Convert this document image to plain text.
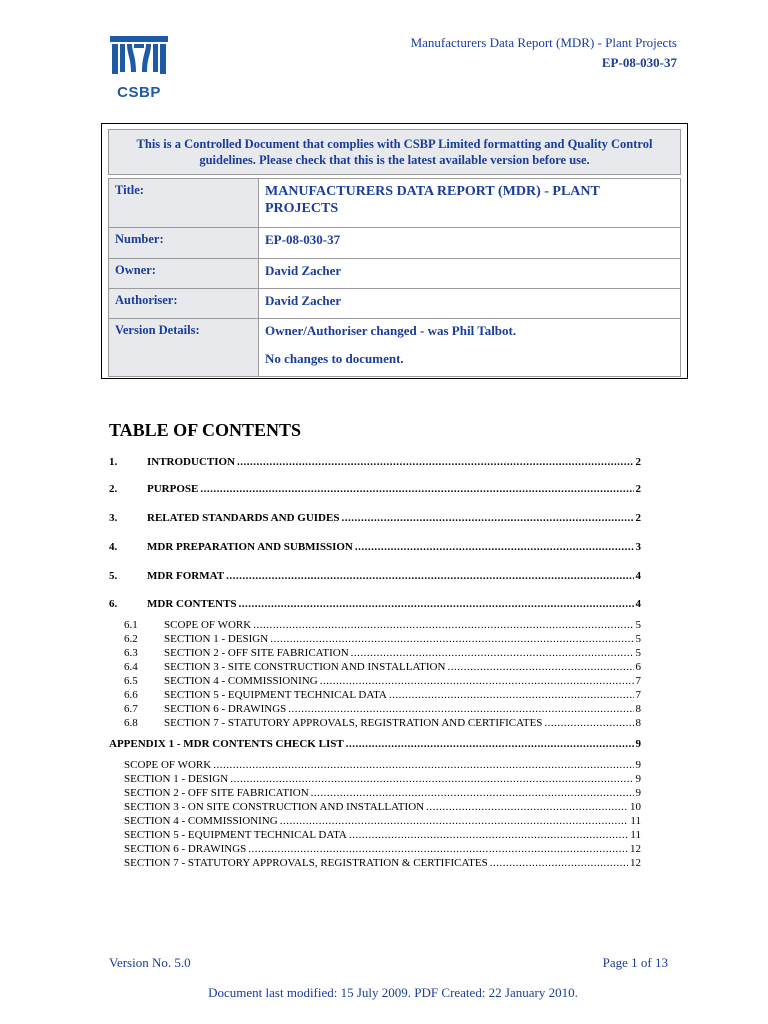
CSBP
Manufacturers Data Report (MDR) - Plant Projects
EP-08-030-37
This is a Controlled Document that complies with CSBP Limited formatting and Quality Control guidelines. Please check that this is the latest available version before use.
Title:	MANUFACTURERS DATA REPORT (MDR) - PLANT PROJECTS
Number:	EP-08-030-37
Owner:	David Zacher
Authoriser:	David Zacher
Version Details:	Owner/Authoriser changed - was Phil Talbot.

No changes to document.

TABLE OF CONTENTS
1.	INTRODUCTION .....	2
2.	PURPOSE .....	2
3.	RELATED STANDARDS AND GUIDES .....	2
4.	MDR PREPARATION AND SUBMISSION .....	3
5.	MDR FORMAT .....	4
6.	MDR CONTENTS .....	4
6.1	SCOPE OF WORK .....	5
6.2	SECTION 1 - DESIGN .....	5
6.3	SECTION 2 - OFF SITE FABRICATION .....	5
6.4	SECTION 3 - SITE CONSTRUCTION AND INSTALLATION .....	6
6.5	SECTION 4 - COMMISSIONING .....	7
6.6	SECTION 5 - EQUIPMENT TECHNICAL DATA .....	7
6.7	SECTION 6 - DRAWINGS .....	8
6.8	SECTION 7 - STATUTORY APPROVALS, REGISTRATION AND CERTIFICATES .....	8
APPENDIX 1 - MDR CONTENTS CHECK LIST .....	9
SCOPE OF WORK .....	9
SECTION 1 - DESIGN .....	9
SECTION 2 - OFF SITE FABRICATION .....	9
SECTION 3 - ON SITE CONSTRUCTION AND INSTALLATION .....	10
SECTION 4 - COMMISSIONING .....	11
SECTION 5 - EQUIPMENT TECHNICAL DATA .....	11
SECTION 6 - DRAWINGS .....	12
SECTION 7 - STATUTORY APPROVALS, REGISTRATION & CERTIFICATES .....	12
Version No. 5.0	Page 1 of 13
Document last modified: 15 July 2009. PDF Created: 22 January 2010.
